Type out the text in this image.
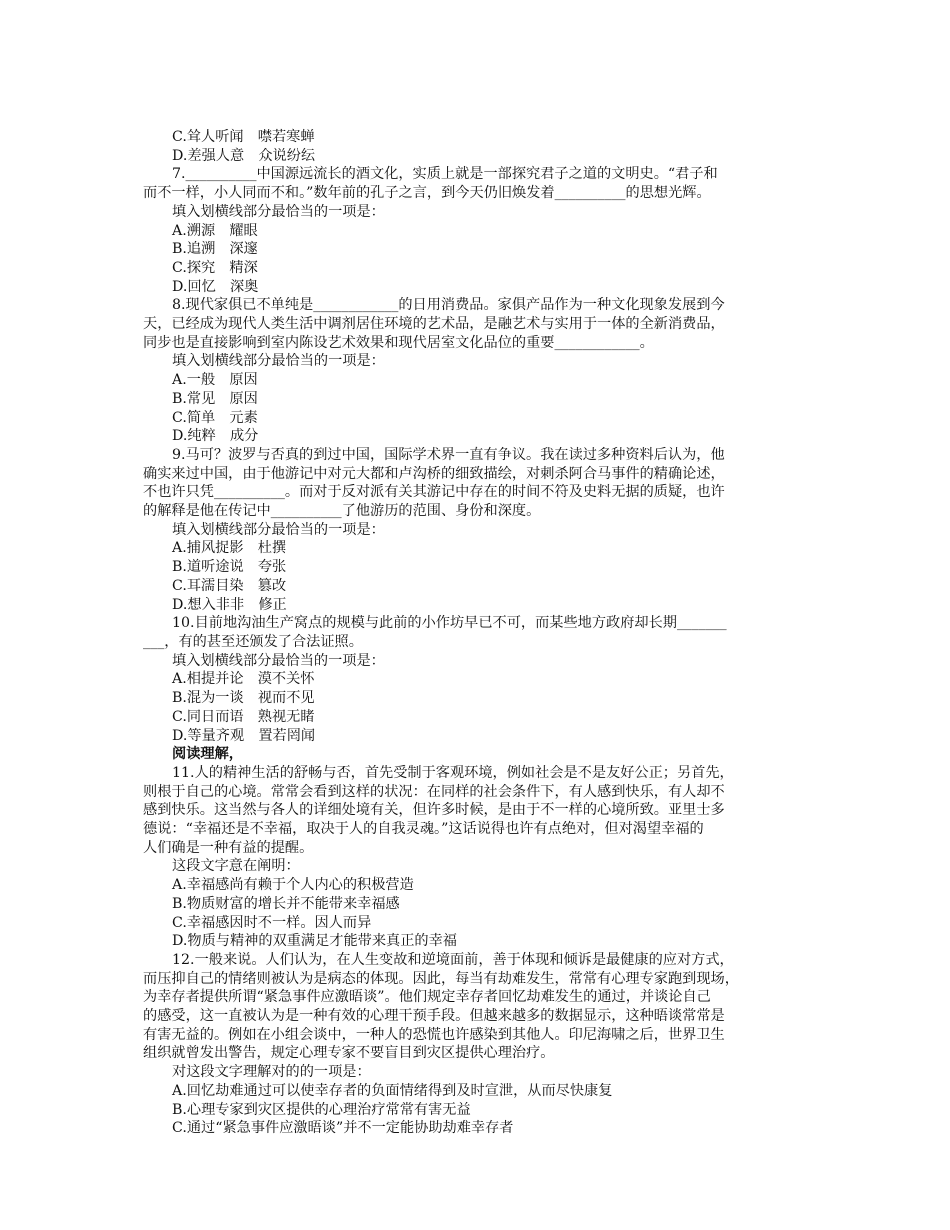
C.耸人听闻　噤若寒蝉
D.差强人意　众说纷纭
7.__________中国源远流长的酒文化，实质上就是一部探究君子之道的文明史。“君子和
而不一样，小人同而不和。”数年前的孔子之言，到今天仍旧焕发着__________的思想光辉。
填入划横线部分最恰当的一项是：
A.溯源　耀眼
B.追溯　深邃
C.探究　精深
D.回忆　深奥
8.现代家俱已不单纯是____________的日用消费品。家俱产品作为一种文化现象发展到今
天，已经成为现代人类生活中调剂居住环境的艺术品，是融艺术与实用于一体的全新消费品，
同步也是直接影响到室内陈设艺术效果和现代居室文化品位的重要____________。
填入划横线部分最恰当的一项是：
A.一般　原因
B.常见　原因
C.简单　元素
D.纯粹　成分
9.马可？波罗与否真的到过中国，国际学术界一直有争议。我在读过多种资料后认为，他
确实来过中国，由于他游记中对元大都和卢沟桥的细致描绘，对刺杀阿合马事件的精确论述，
不也许只凭__________。而对于反对派有关其游记中存在的时间不符及史料无据的质疑，也许
的解释是他在传记中__________了他游历的范围、身份和深度。
填入划横线部分最恰当的一项是：
A.捕风捉影　杜撰
B.道听途说　夸张
C.耳濡目染　篡改
D.想入非非　修正
10.目前地沟油生产窝点的规模与此前的小作坊早已不可，而某些地方政府却长期_______
___，有的甚至还颁发了合法证照。
填入划横线部分最恰当的一项是：
A.相提并论　漠不关怀
B.混为一谈　视而不见
C.同日而语　熟视无睹
D.等量齐观　置若罔闻
阅读理解，
11.人的精神生活的舒畅与否，首先受制于客观环境，例如社会是不是友好公正；另首先，
则根于自己的心境。常常会看到这样的状况：在同样的社会条件下，有人感到快乐，有人却不
感到快乐。这当然与各人的详细处境有关，但许多时候，是由于不一样的心境所致。亚里士多
德说：“幸福还是不幸福，取决于人的自我灵魂。”这话说得也许有点绝对，但对渴望幸福的
人们确是一种有益的提醒。
这段文字意在阐明：
A.幸福感尚有赖于个人内心的积极营造
B.物质财富的增长并不能带来幸福感
C.幸福感因时不一样。因人而异
D.物质与精神的双重满足才能带来真正的幸福
12.一般来说。人们认为，在人生变故和逆境面前，善于体现和倾诉是最健康的应对方式，
而压抑自己的情绪则被认为是病态的体现。因此，每当有劫难发生，常常有心理专家跑到现场，
为幸存者提供所谓“紧急事件应激晤谈”。他们规定幸存者回忆劫难发生的通过，并谈论自己
的感受，这一直被认为是一种有效的心理干预手段。但越来越多的数据显示，这种晤谈常常是
有害无益的。例如在小组会谈中，一种人的恐慌也许感染到其他人。印尼海啸之后，世界卫生
组织就曾发出警告，规定心理专家不要盲目到灾区提供心理治疗。
对这段文字理解对的的一项是：
A.回忆劫难通过可以使幸存者的负面情绪得到及时宣泄，从而尽快康复
B.心理专家到灾区提供的心理治疗常常有害无益
C.通过“紧急事件应激晤谈”并不一定能协助劫难幸存者
